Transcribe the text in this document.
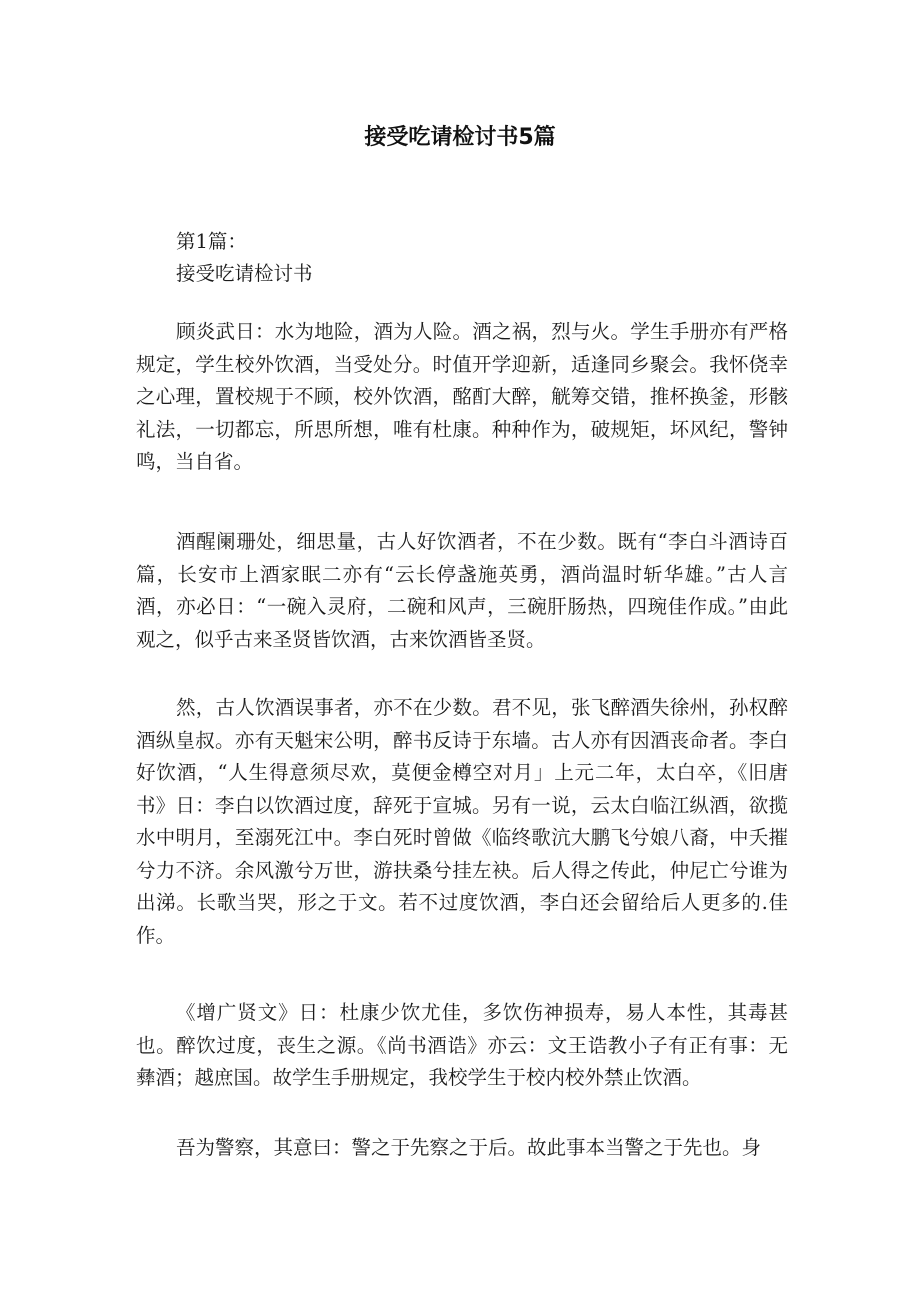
接受吃请检讨书5篇

第1篇：

接受吃请检讨书

顾炎武日：水为地险，酒为人险。酒之祸，烈与火。学生手册亦有严格规定，学生校外饮酒，当受处分。时值开学迎新，适逢同乡聚会。我怀侥幸之心理，置校规于不顾，校外饮酒，酩酊大醉，觥筹交错，推杯换釜，形骸礼法，一切都忘，所思所想，唯有杜康。种种作为，破规矩，坏风纪，警钟鸣，当自省。

酒醒阑珊处，细思量，古人好饮酒者，不在少数。既有“李白斗酒诗百篇，长安市上酒家眠二亦有“云长停盏施英勇，酒尚温时斩华雄。”古人言酒，亦必日：“一碗入灵府，二碗和风声，三碗肝肠热，四琬佳作成。”由此观之，似乎古来圣贤皆饮酒，古来饮酒皆圣贤。

然，古人饮酒误事者，亦不在少数。君不见，张飞醉酒失徐州，孙权醉酒纵皇叔。亦有天魁宋公明，醉书反诗于东墙。古人亦有因酒丧命者。李白好饮酒，“人生得意须尽欢，莫便金樽空对月」上元二年，太白卒，《旧唐书》日：李白以饮酒过度，辞死于宣城。另有一说，云太白临江纵酒，欲揽水中明月，至溺死江中。李白死时曾做《临终歌沆大鹏飞兮娘八裔，中夭摧兮力不济。余风激兮万世，游扶桑兮挂左袂。后人得之传此，仲尼亡兮谁为出涕。长歌当哭，形之于文。若不过度饮酒，李白还会留给后人更多的.佳作。

《增广贤文》日：杜康少饮尤佳，多饮伤神损寿，易人本性，其毒甚也。醉饮过度，丧生之源。《尚书酒诰》亦云：文王诰教小子有正有事：无彝酒；越庶国。故学生手册规定，我校学生于校内校外禁止饮酒。

吾为警察，其意曰：警之于先察之于后。故此事本当警之于先也。身
